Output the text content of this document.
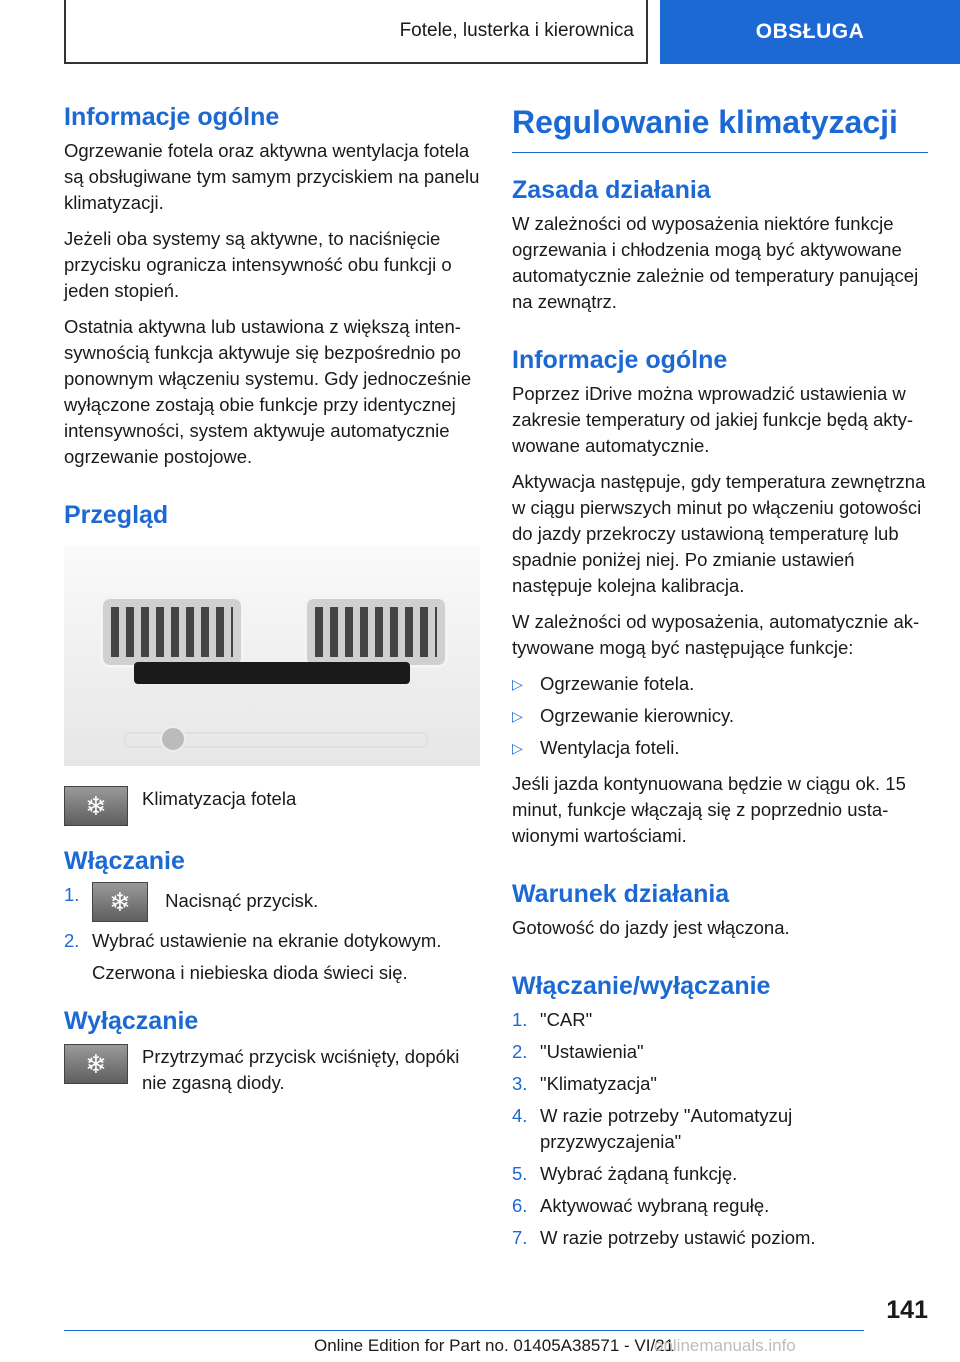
Fotele, lusterka i kierownica	OBSŁUGA
Informacje ogólne

Ogrzewanie fotela oraz aktywna wentylacja fotela są obsługiwane tym samym przyciskiem na panelu klimatyzacji.

Jeżeli oba systemy są aktywne, to naciśnięcie przycisku ogranicza intensywność obu funkcji o jeden stopień.

Ostatnia aktywna lub ustawiona z większą intensywnością funkcja aktywuje się bezpośrednio po ponownym włączeniu systemu. Gdy jednocześnie wyłączone zostają obie funkcje przy identycznej intensywności, system aktywuje automatycznie ogrzewanie postojowe.

Przegląd
❄	Klimatyzacja fotela

Włączanie
1.	❄ Nacisnąć przycisk.
2. Wybrać ustawienie na ekranie dotykowym.
Czerwona i niebieska dioda świeci się.
Wyłączanie
❄	Przytrzymać przycisk wciśnięty, dopóki nie zgasną diody.

Regulowanie klimatyzacji
Zasada działania

W zależności od wyposażenia niektóre funkcje ogrzewania i chłodzenia mogą być aktywowane automatycznie zależnie od temperatury panującej na zewnątrz.

Informacje ogólne

Poprzez iDrive można wprowadzić ustawienia w zakresie temperatury od jakiej funkcje będą aktywowane automatycznie.

Aktywacja następuje, gdy temperatura zewnętrzna w ciągu pierwszych minut po włączeniu gotowości do jazdy przekroczy ustawioną temperaturę lub spadnie poniżej niej. Po zmianie ustawień następuje kolejna kalibracja.

W zależności od wyposażenia, automatycznie aktywowane mogą być następujące funkcje:

▷ Ogrzewanie fotela.
▷ Ogrzewanie kierownicy.
▷ Wentylacja foteli.

Jeśli jazda kontynuowana będzie w ciągu ok. 15 minut, funkcje włączają się z poprzednio ustawionymi wartościami.

Warunek działania

Gotowość do jazdy jest włączona.

Włączanie/wyłączanie
1. "CAR"
2. "Ustawienia"
3. "Klimatyzacja"
4. W razie potrzeby "Automatyzuj przyzwyczajenia"
5. Wybrać żądaną funkcję.
6. Aktywować wybraną regułę.
7. W razie potrzeby ustawić poziom.
141
Online Edition for Part no. 01405A38571 - VI/21
onlinemanuals.info
